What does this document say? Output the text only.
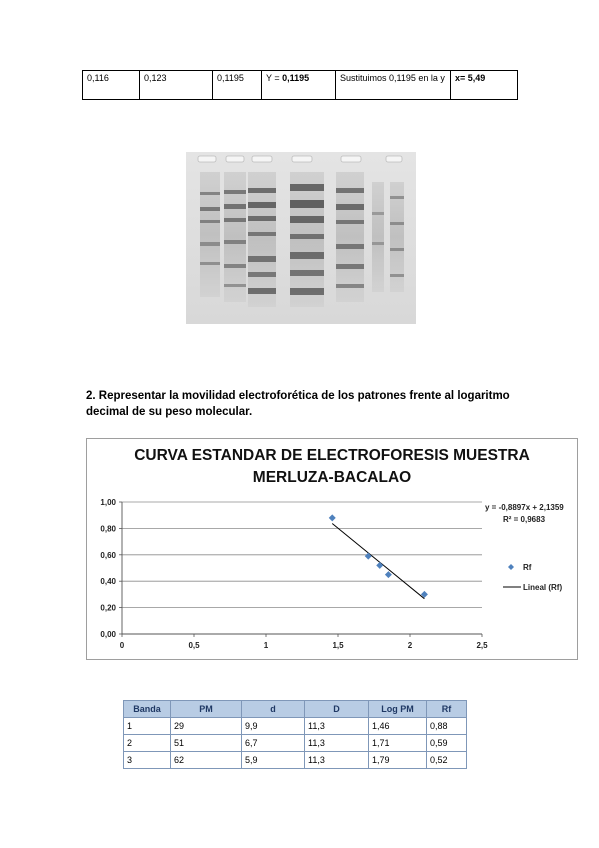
0,116	0,123	0,1195	Y = 0,1195	Sustituimos 0,1195 en la y	x= 5,49
2. Representar la movilidad electroforética de los patrones frente al logaritmo decimal de su peso molecular.
CURVA ESTANDAR DE ELECTROFORESIS MUESTRA
MERLUZA-BACALAO
0,00
0,20
0,40
0,60
0,80
1,00
0	0,5	1	1,5	2	2,5
Rf
Lineal (Rf)
y = -0,8897x + 2,1359
R² = 0,9683
Banda	PM	d	D	Log PM	Rf
1	29	9,9	11,3	1,46	0,88
2	51	6,7	11,3	1,71	0,59
3	62	5,9	11,3	1,79	0,52
